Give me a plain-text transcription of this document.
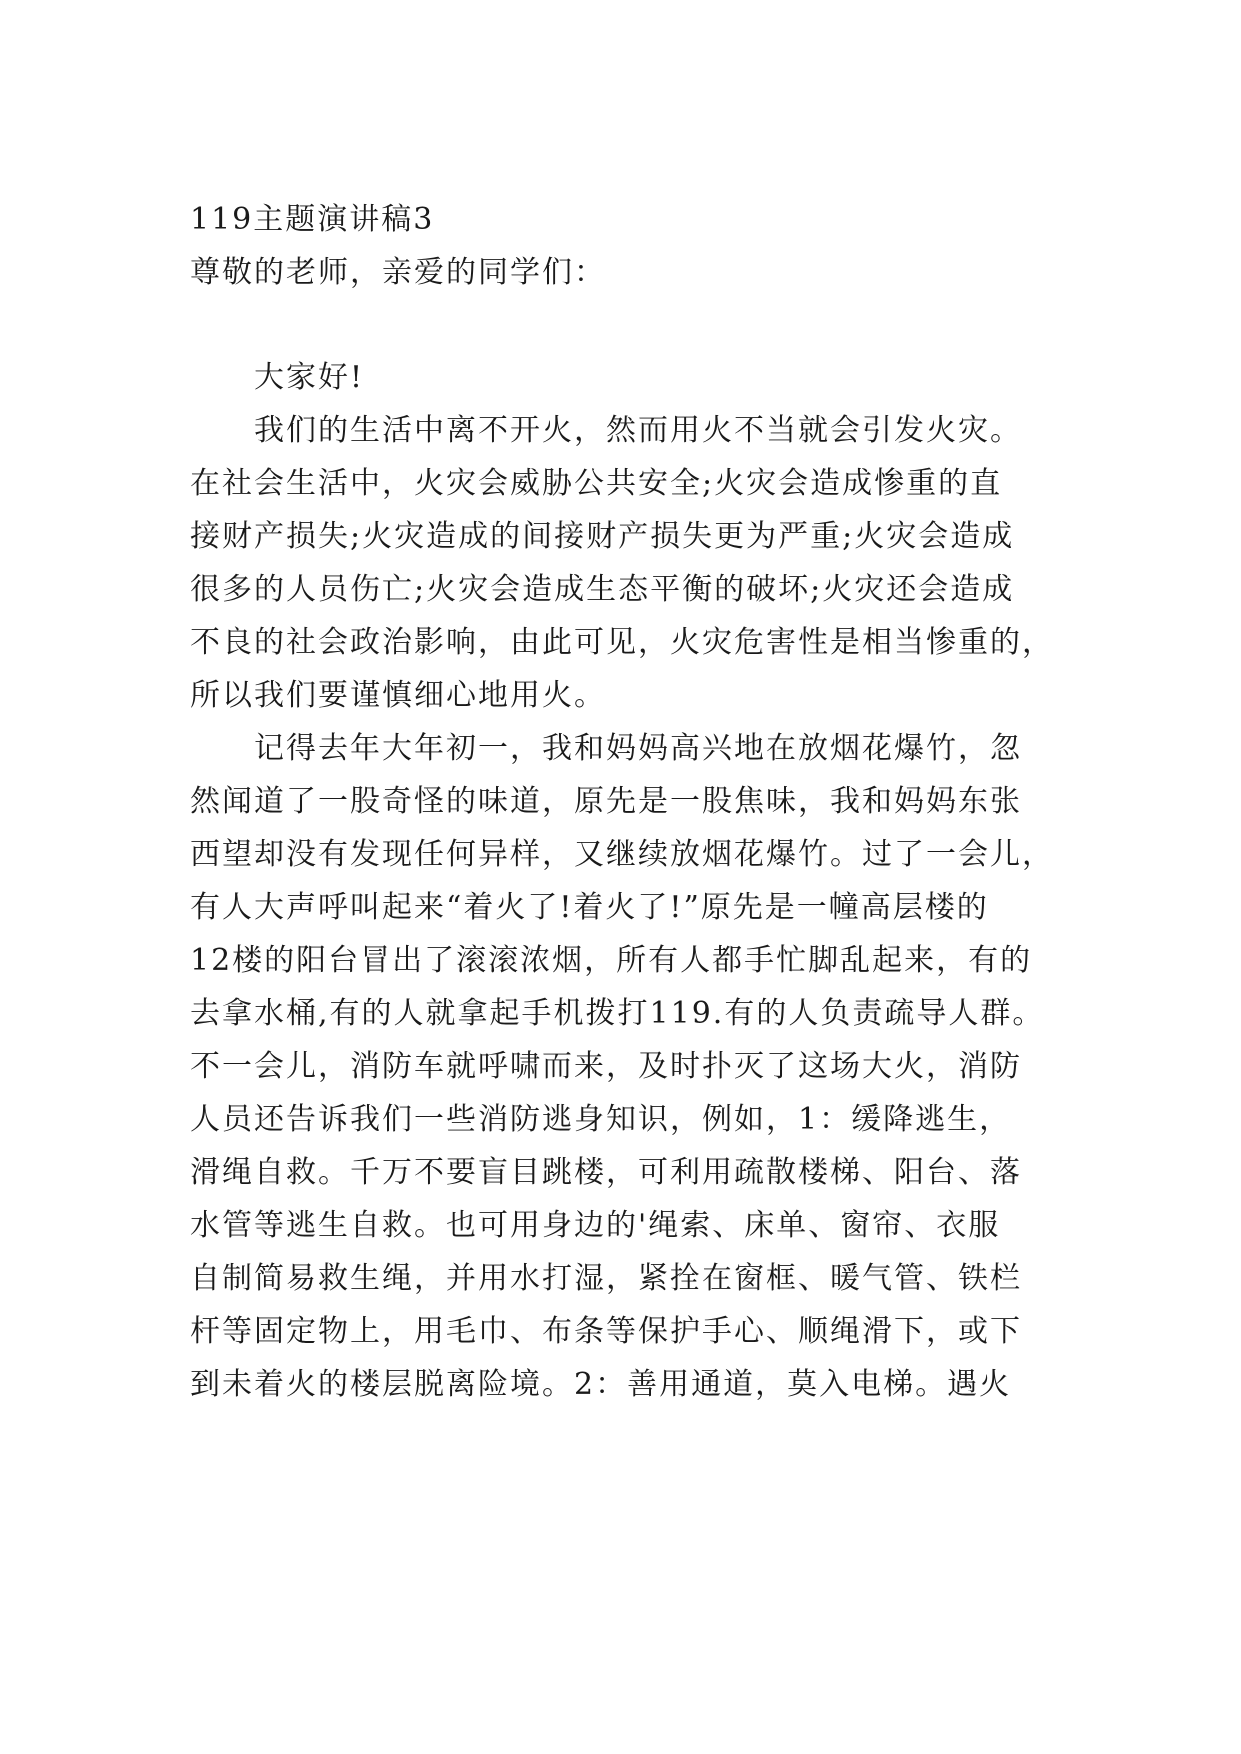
119主题演讲稿3
尊敬的老师，亲爱的同学们：
大家好!
我们的生活中离不开火，然而用火不当就会引发火灾。
在社会生活中，火灾会威胁公共安全;火灾会造成惨重的直
接财产损失;火灾造成的间接财产损失更为严重;火灾会造成
很多的人员伤亡;火灾会造成生态平衡的破坏;火灾还会造成
不良的社会政治影响，由此可见，火灾危害性是相当惨重的，
所以我们要谨慎细心地用火。
记得去年大年初一，我和妈妈高兴地在放烟花爆竹，忽
然闻道了一股奇怪的味道，原先是一股焦味，我和妈妈东张
西望却没有发现任何异样，又继续放烟花爆竹。过了一会儿，
有人大声呼叫起来“着火了!着火了!”原先是一幢高层楼的
12楼的阳台冒出了滚滚浓烟，所有人都手忙脚乱起来，有的
去拿水桶,有的人就拿起手机拨打119.有的人负责疏导人群。
不一会儿，消防车就呼啸而来，及时扑灭了这场大火，消防
人员还告诉我们一些消防逃身知识，例如，1：缓降逃生，
滑绳自救。千万不要盲目跳楼，可利用疏散楼梯、阳台、落
水管等逃生自救。也可用身边的'绳索、床单、窗帘、衣服
自制简易救生绳，并用水打湿，紧拴在窗框、暖气管、铁栏
杆等固定物上，用毛巾、布条等保护手心、顺绳滑下，或下
到未着火的楼层脱离险境。2：善用通道，莫入电梯。遇火
